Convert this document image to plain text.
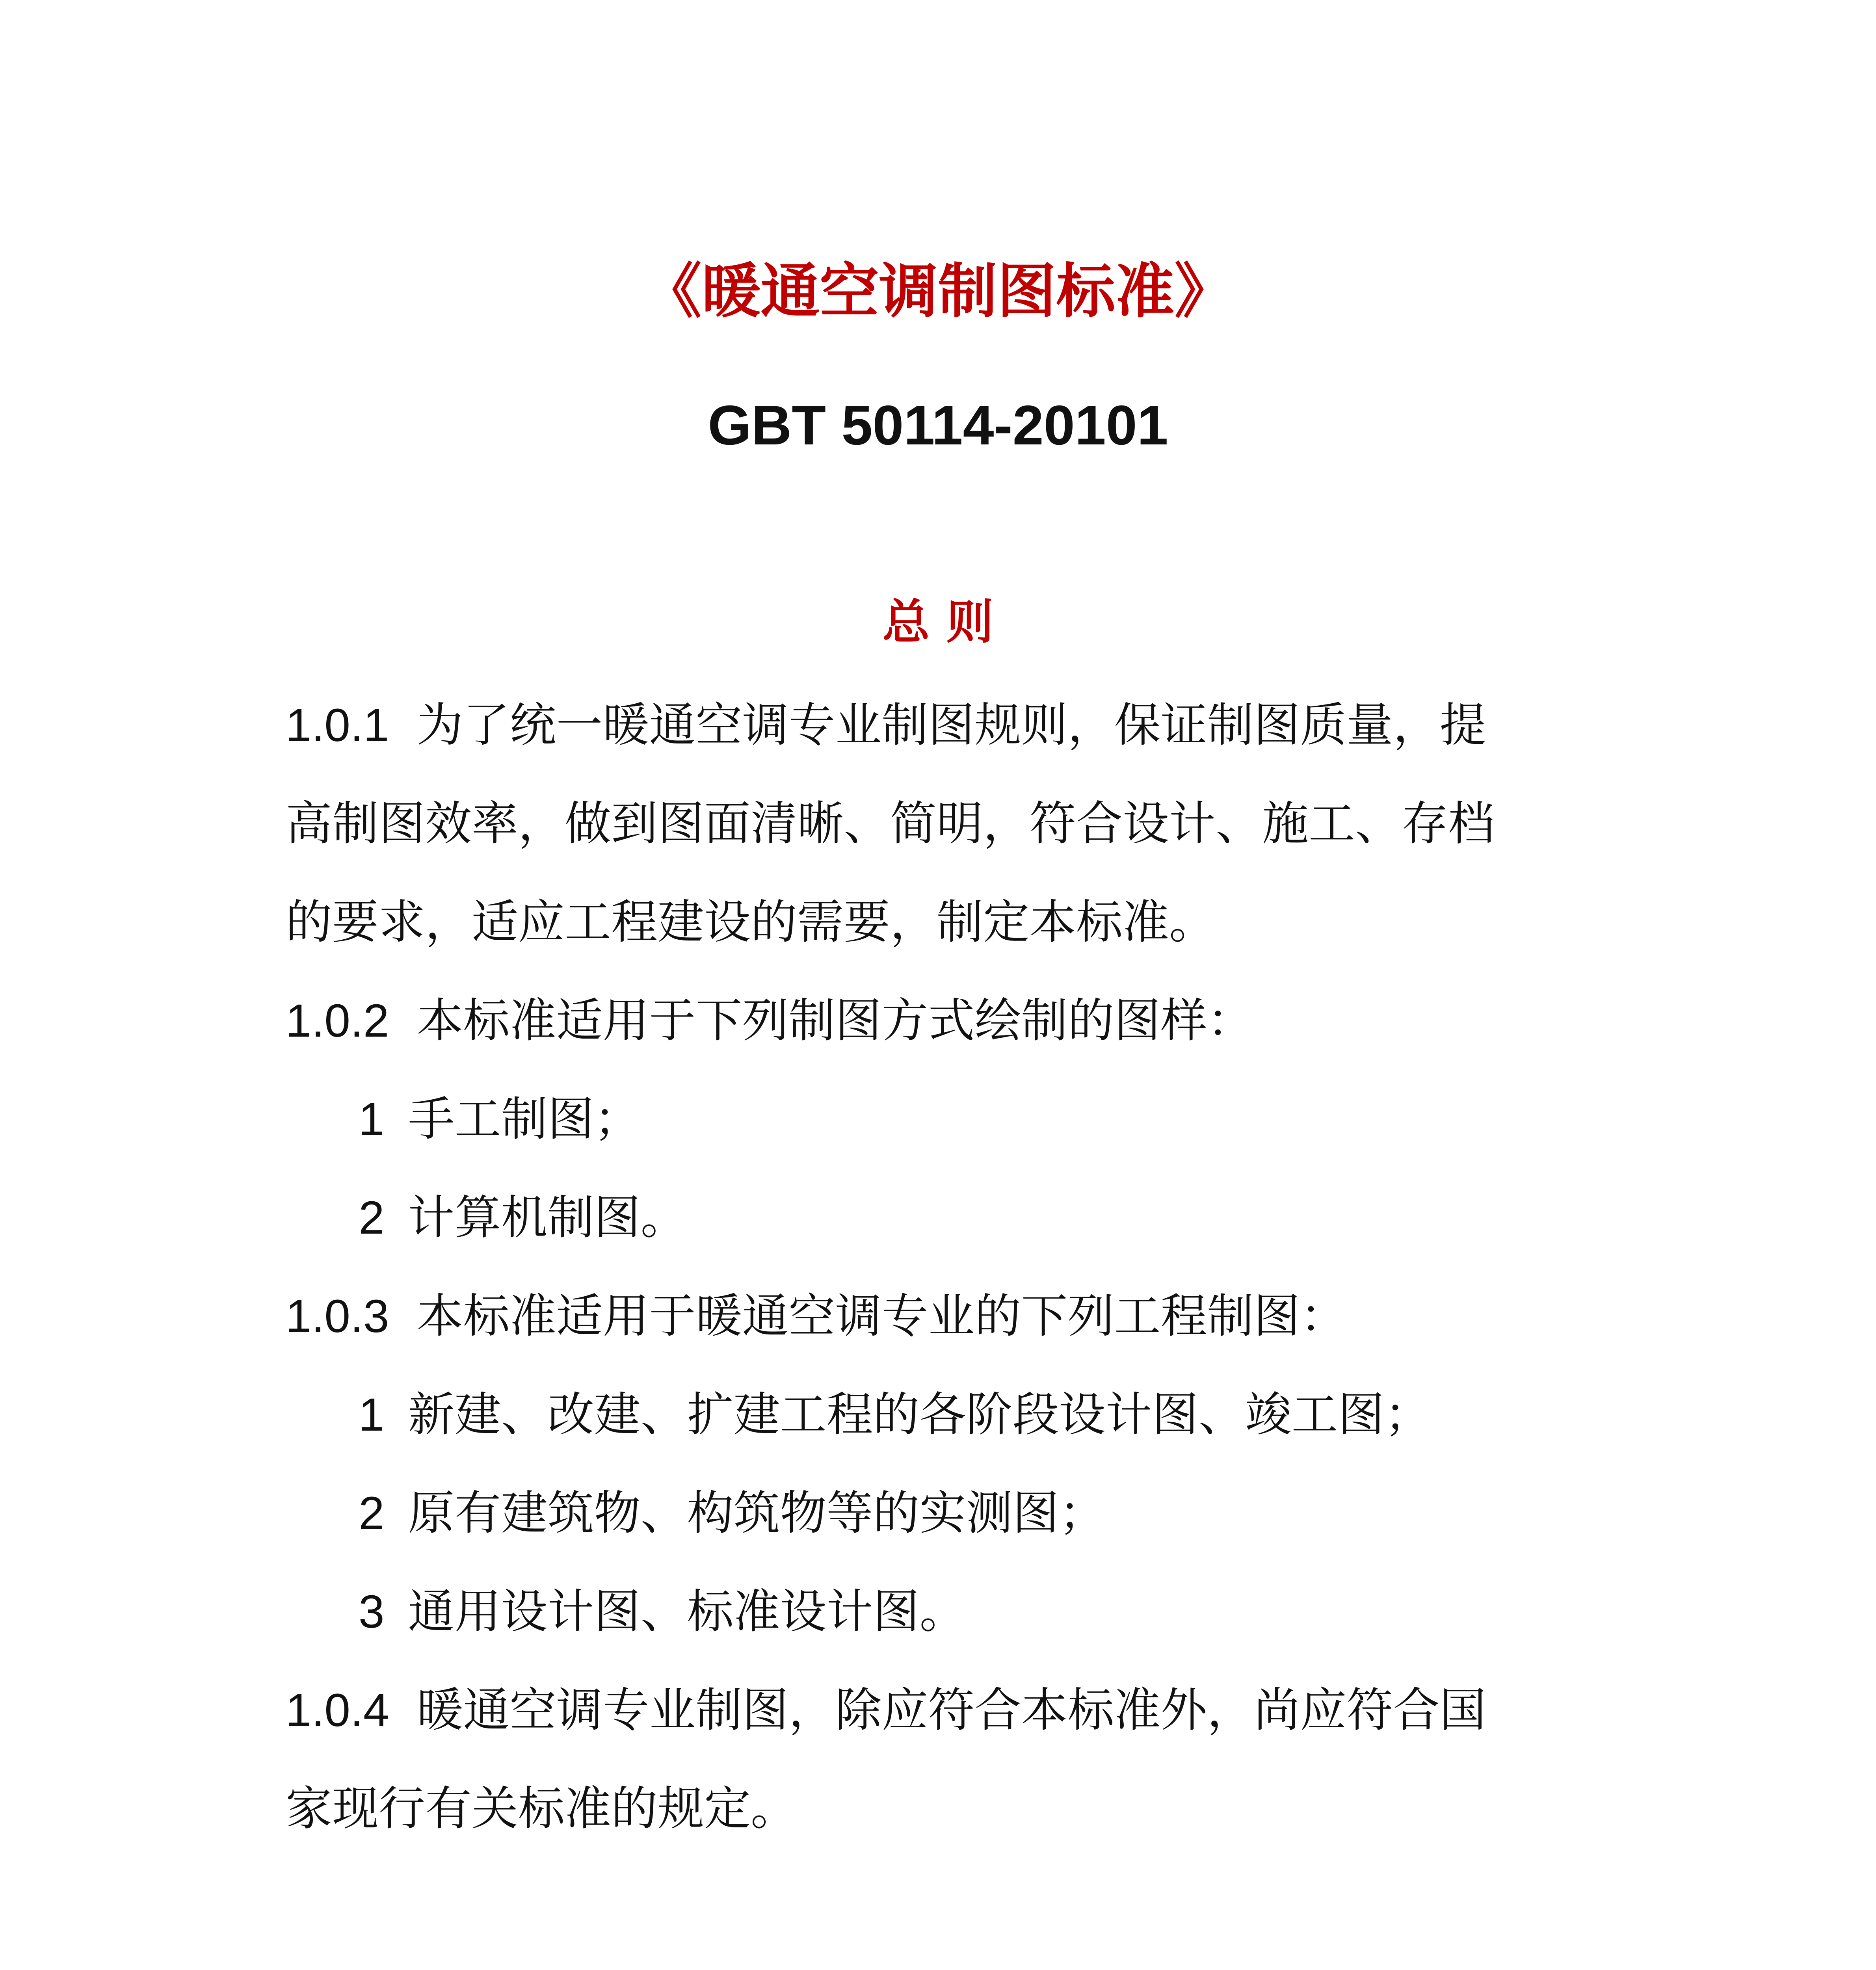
《暖通空调制图标准》
GBT 50114-20101
总 则
1.0.1 为了统一暖通空调专业制图规则，保证制图质量，提
高制图效率，做到图面清晰、简明，符合设计、施工、存档
的要求，适应工程建设的需要，制定本标准。
1.0.2 本标准适用于下列制图方式绘制的图样：
1 手工制图；
2 计算机制图。
1.0.3 本标准适用于暖通空调专业的下列工程制图：
1 新建、改建、扩建工程的各阶段设计图、竣工图；
2 原有建筑物、构筑物等的实测图；
3 通用设计图、标准设计图。
1.0.4 暖通空调专业制图，除应符合本标准外，尚应符合国
家现行有关标准的规定。
